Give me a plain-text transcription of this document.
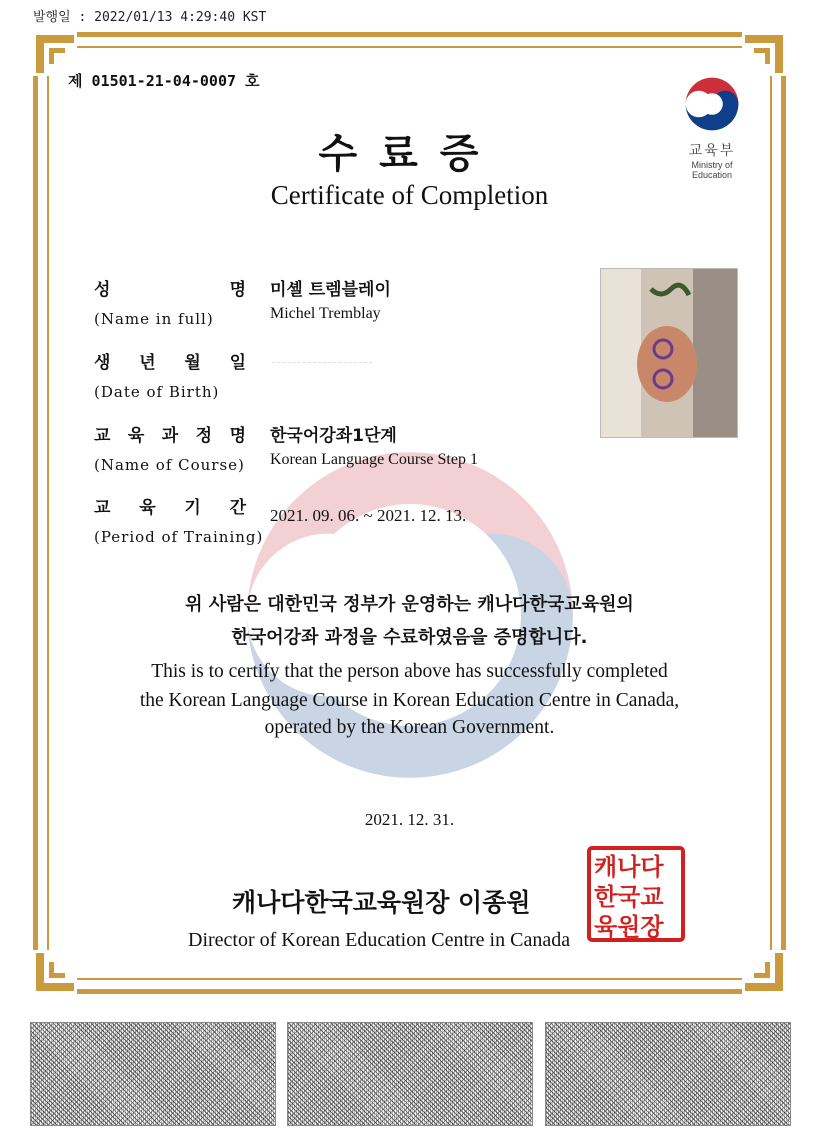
발행일 : 2022/01/13 4:29:40 KST
제 01501-21-04-0007 호
교육부
Ministry of Education
수료증
Certificate of Completion
성	명
(Name in full)
미셸 트렘블레이
Michel Tremblay
생 년 월 일
(Date of Birth)
교 육 과 정 명
(Name of Course)
한국어강좌1단계
Korean Language Course Step 1
교 육 기 간
(Period of Training)
2021. 09. 06. ~ 2021. 12. 13.
위 사람은 대한민국 정부가 운영하는 캐나다한국교육원의
한국어강좌 과정을 수료하였음을 증명합니다.
This is to certify that the person above has successfully completed
the Korean Language Course in Korean Education Centre in Canada,
operated by the Korean Government.
2021. 12. 31.
캐나다
한국교
육원장
캐나다한국교육원장 이종원
Director of Korean Education Centre in Canada
